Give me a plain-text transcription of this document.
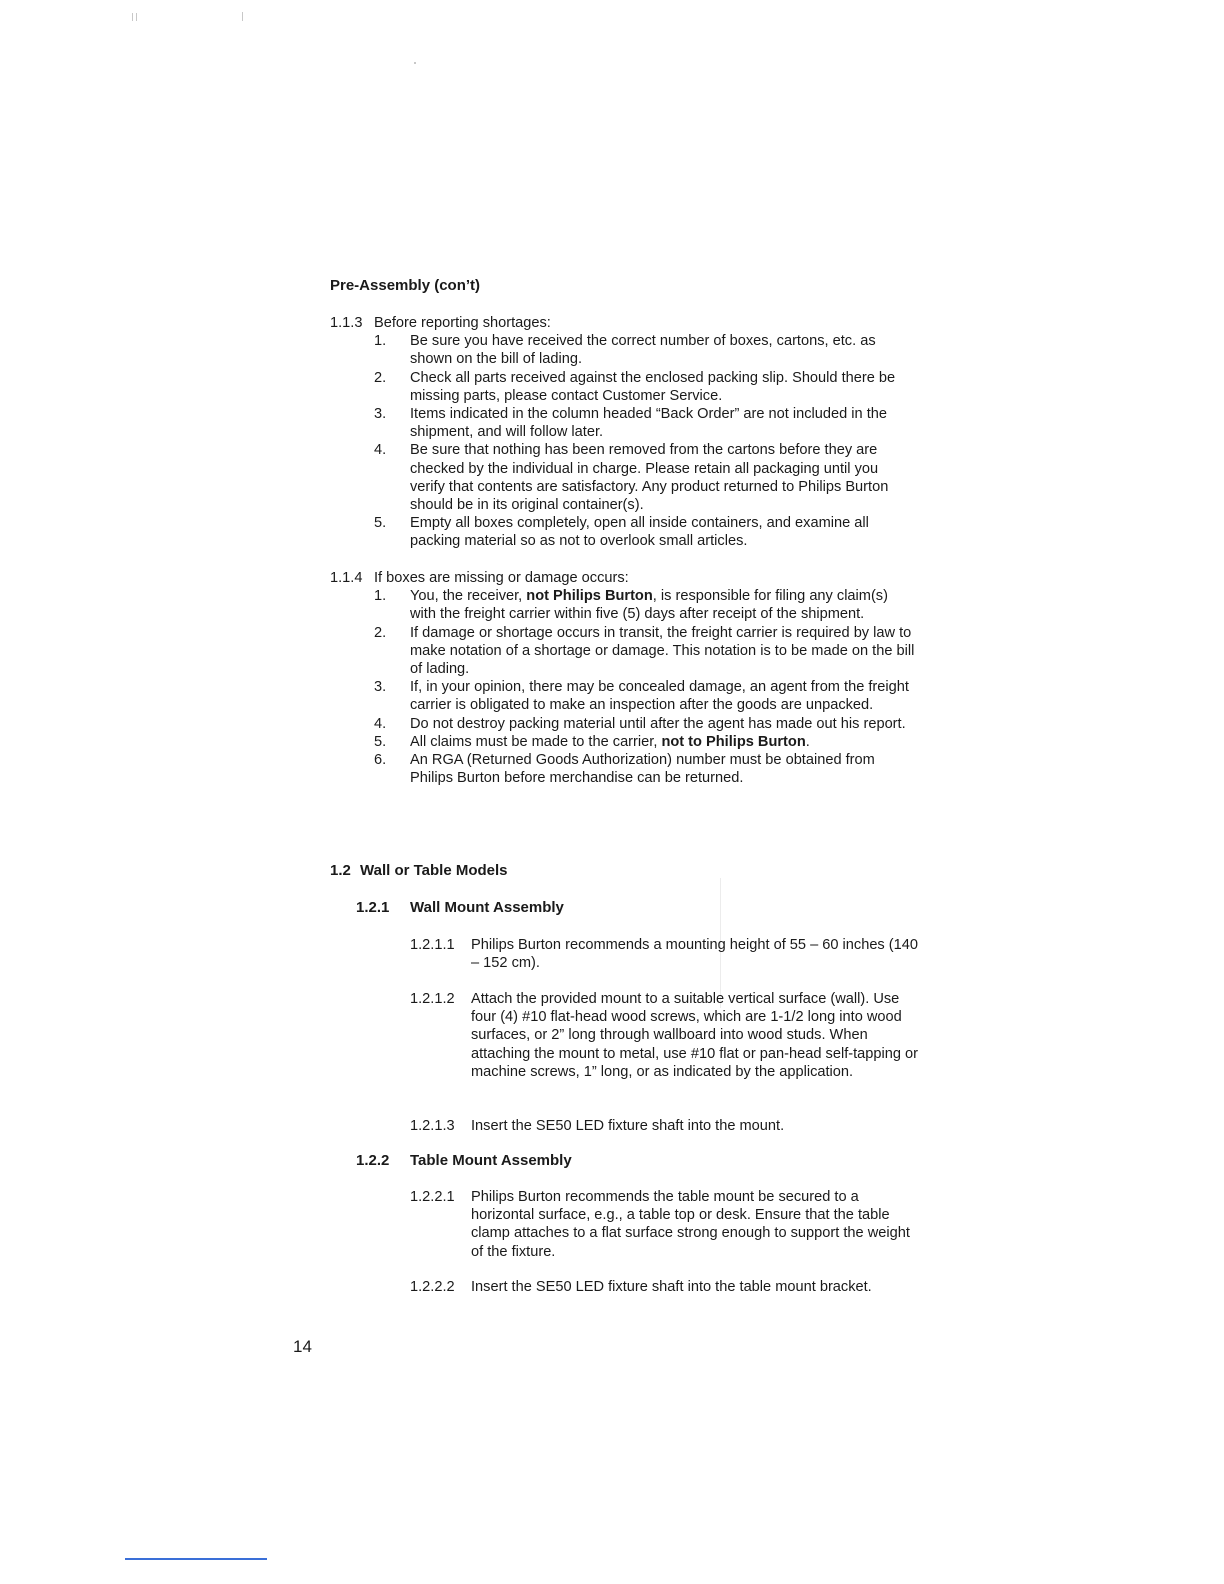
Pre-Assembly (con’t)
1.1.3 Before reporting shortages:
1. Be sure you have received the correct number of boxes, cartons, etc. as shown on the bill of lading.
2. Check all parts received against the enclosed packing slip. Should there be missing parts, please contact Customer Service.
3. Items indicated in the column headed “Back Order” are not included in the shipment, and will follow later.
4. Be sure that nothing has been removed from the cartons before they are checked by the individual in charge. Please retain all packaging until you verify that contents are satisfactory. Any product returned to Philips Burton should be in its original container(s).
5. Empty all boxes completely, open all inside containers, and examine all packing material so as not to overlook small articles.
1.1.4 If boxes are missing or damage occurs:
1. You, the receiver, not Philips Burton, is responsible for filing any claim(s) with the freight carrier within five (5) days after receipt of the shipment.
2. If damage or shortage occurs in transit, the freight carrier is required by law to make notation of a shortage or damage. This notation is to be made on the bill of lading.
3. If, in your opinion, there may be concealed damage, an agent from the freight carrier is obligated to make an inspection after the goods are unpacked.
4. Do not destroy packing material until after the agent has made out his report.
5. All claims must be made to the carrier, not to Philips Burton.
6. An RGA (Returned Goods Authorization) number must be obtained from Philips Burton before merchandise can be returned.
1.2 Wall or Table Models
1.2.1 Wall Mount Assembly
1.2.1.1 Philips Burton recommends a mounting height of 55 – 60 inches (140 – 152 cm).
1.2.1.2 Attach the provided mount to a suitable vertical surface (wall). Use four (4) #10 flat-head wood screws, which are 1-1/2 long into wood surfaces, or 2” long through wallboard into wood studs. When attaching the mount to metal, use #10 flat or pan-head self-tapping or machine screws, 1” long, or as indicated by the application.
1.2.1.3 Insert the SE50 LED fixture shaft into the mount.
1.2.2 Table Mount Assembly
1.2.2.1 Philips Burton recommends the table mount be secured to a horizontal surface, e.g., a table top or desk. Ensure that the table clamp attaches to a flat surface strong enough to support the weight of the fixture.
1.2.2.2 Insert the SE50 LED fixture shaft into the table mount bracket.
14
